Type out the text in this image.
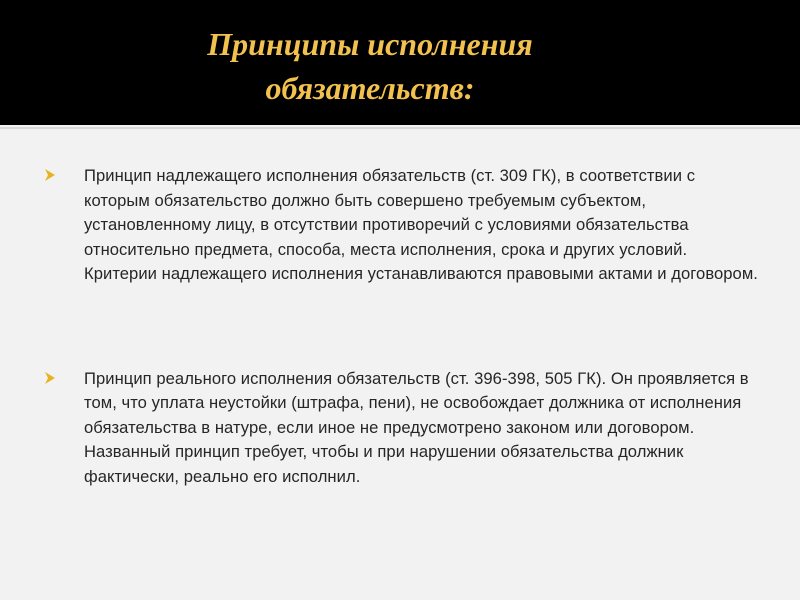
Принципы исполнения обязательств:
Принцип надлежащего исполнения обязательств (ст. 309 ГК), в соответствии с которым обязательство должно быть совершено требуемым субъектом, установленному лицу, в отсутствии противоречий с условиями обязательства относительно предмета, способа, места исполнения, срока и других условий. Критерии надлежащего исполнения устанавливаются правовыми актами и договором.
Принцип реального исполнения обязательств (ст. 396-398, 505 ГК). Он проявляется в том, что уплата неустойки (штрафа, пени), не освобождает должника от исполнения обязательства в натуре, если иное не предусмотрено законом или договором. Названный принцип требует, чтобы и при нарушении обязательства должник фактически, реально его исполнил.
